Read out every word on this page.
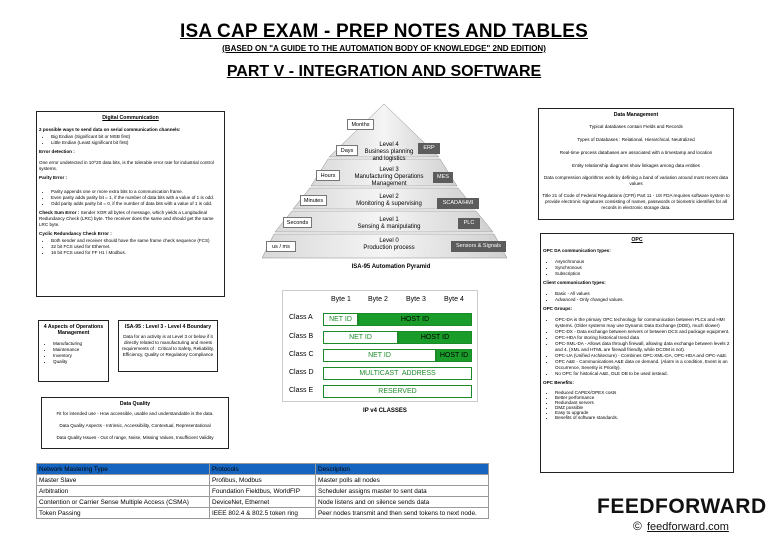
ISA CAP EXAM - PREP NOTES AND TABLES
(BASED ON "A GUIDE TO THE AUTOMATION BODY OF KNOWLEDGE" 2ND EDITION)
PART V - INTEGRATION AND SOFTWARE
Digital Communication
2 possible ways to send data on serial communication channels:
• Big Endian (Significant bit or MSB first)
• Little Endian (Least significant bit first)
Error detection :
One error undetected in 10^20 data bits, is the tolerable error rate for industrial control systems.
Parity Error :
• Parity appends one or more extra bits to a communication frame.
• Even parity adds parity bit = 1, if the number of data bits with a value of 1 is odd.
• Odd parity adds parity bit = 0, if the number of data bits with a value of 1 is odd.
Check Sum Error : Sender XOR all bytes of message, which yields a Longitudinal Redundancy Check (LRC) byte. The receiver does the same and should get the same LRC byte.
Cyclic Redundancy Check Error :
• Both sender and receiver should have the same frame check sequence (FCS)
• 32 bit FCS used for Ethernet.
• 16 bit FCS used for FF H1 / Modbus.
4 Aspects of Operations Management
• Manufacturing
• Maintenance
• Inventory
• Quality
ISA-95 : Level 3 - Level 4 Boundary
Data for an activity is at Level 3 or below if it directly related to manufacturing and meets requirements of : Critical to Safety, Reliability, Efficiency, Quality or Regulatory Compliance
Data Quality
Fit for intended use - How accessible, usable and understandable is the data.
Data Quality Aspects - Intrinsic, Accessibility, Contextual, Representational
Data Quality Issues - Out of range, Noise, Missing Values, Insufficient Validity
Months
Days
Hours
Minutes
Seconds
us / ms
Level 4
Business planning
and logistics
Level 3
Manufacturing Operations
Management
Level 2
Monitoring & supervising
Level 1
Sensing & manipulating
Level 0
Production process
ERP
MES
SCADA/HMI
PLC
Sensors & Signals
ISA-95 Automation Pyramid
Byte 1 Byte 2	Byte 3	Byte 4
Class A	NET ID	HOST ID
Class B	NET ID	HOST ID
Class C	NET ID	HOST ID
Class D	MULTICAST  ADDRESS
Class E	RESERVED
IP v4 CLASSES
Network Mastering Type	Protocols	Description
Master Slave	Profibus, Modbus	Master polls all nodes
Arbitration	Foundation Fieldbus, WorldFIP	Scheduler assigns master to sent data
Contention or Carrier Sense Multiple Access (CSMA)	DeviceNet, Ethernet	Node listens and on silence sends data
Token Passing	IEEE 802.4 & 802.5 token ring	Peer nodes transmit and then send tokens to next node.
Data Management
Typical databases contain Fields and Records
Types of Databases : Relational, Hierarchical, Neutralized
Real-time process databases are associated with a timestamp and location
Entity relationship diagrams show linkages among data entities
Data compression algorithms work by defining a band of variation around most recent data values
Title 21 of Code of Federal Regulations (CFR) Part 11 - US FDA requires software system to provide electronic signatures consisting of names, passwords or biometric identifies for all records in electronic storage data.
OPC
OPC DA communication types:
• Asynchronous
• Synchronous
• Subscription
Client communication types:
• Basic - All values
• Advanced - Only changed values.
OPC Groups:
• OPC-DA is the primary OPC technology for communication between PLCs and HMI systems. (Older systems may use Dynamic Data Exchange (DDE), much slower)
• OPC-DX - Data exchange between servers or between DCS and package equipment.
• OPC-HDA for storing historical trend data
• OPC-XML-DA - Allows data through firewall, allowing data exchange between levels 2 and 4. (XML and HTML are firewall friendly, while DCOM is not).
• OPC-UA (Unified Architecture) - Combines OPC-XML-DA, OPC-HDA and OPC-A&E.
• OPC A&E - Communications A&E data on demand. (Alarm is a condition, Event is an Occurrence, Severity is Priority).
• No OPC for historical A&E, OLE DB to be used instead.
OPC Benefits:
• Reduced CAPEX/OPEX costs
• Better performance
• Redundant servers
• DMZ possible
• Easy to upgrade
• Benefits of software standards.
FEEDFORWARD
© feedforward.com
